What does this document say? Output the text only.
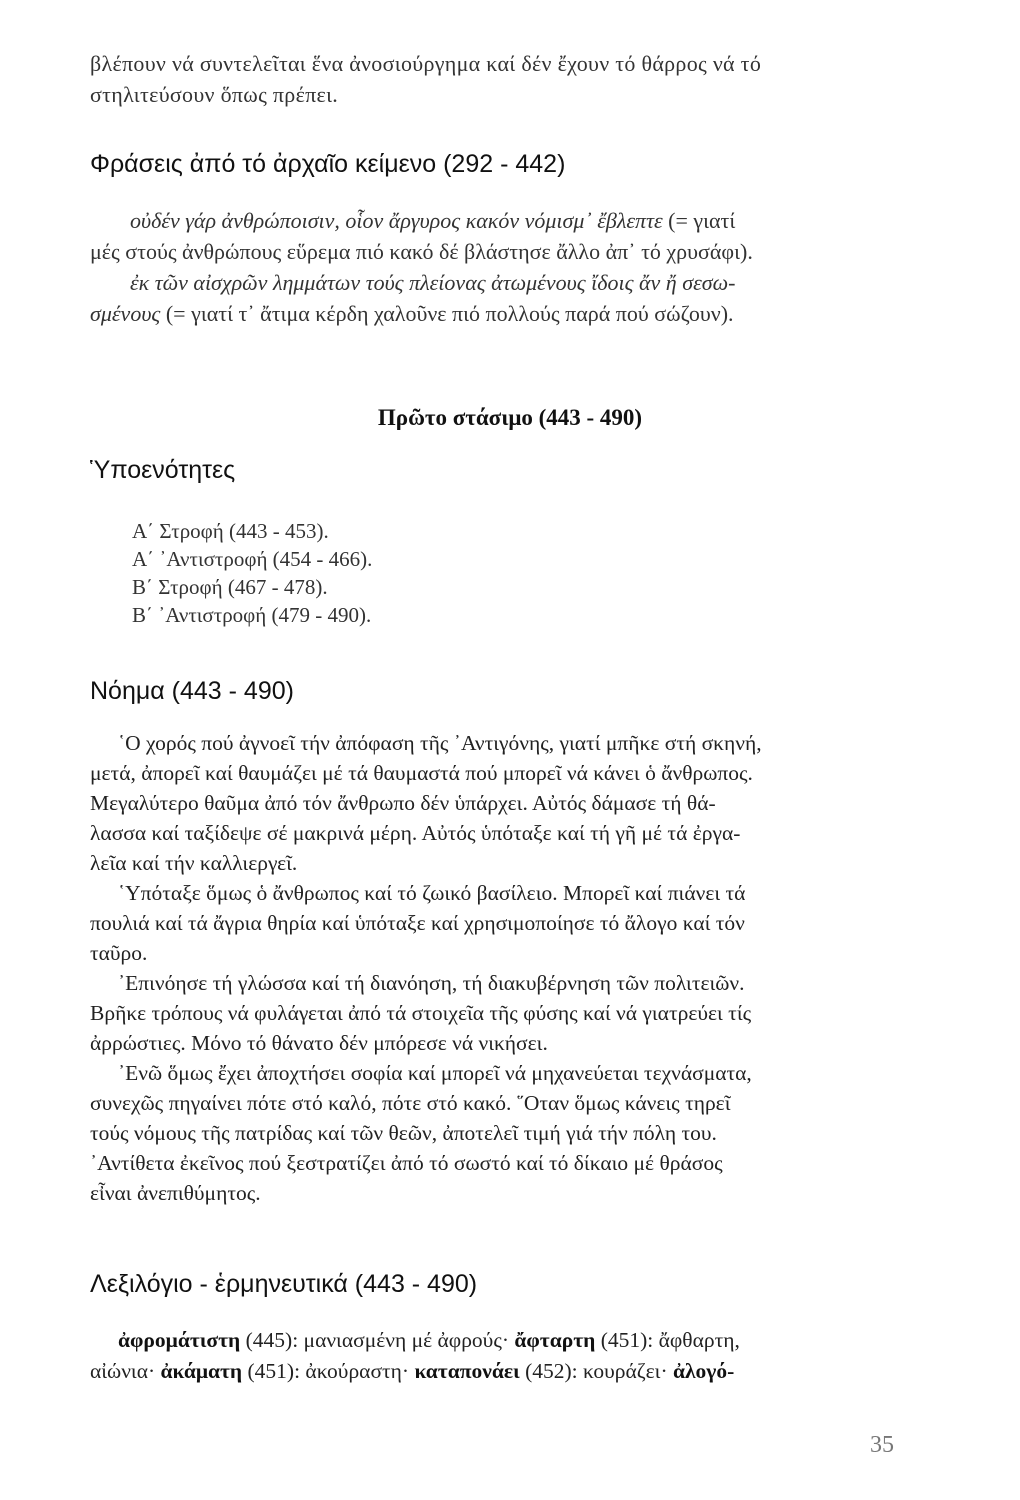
βλέπουν νά συντελεῖται ἕνα ἀνοσιούργημα καί δέν ἔχουν τό θάρρος νά τό

στηλιτεύσουν ὅπως πρέπει.

Φράσεις ἀπό τό ἀρχαῖο κείμενο (292 - 442)

οὐδέν γάρ ἀνθρώποισιν, οἷον ἄργυρος κακόν νόμισμ᾽ ἔβλεπτε (= γιατί

μές στούς ἀνθρώπους εὕρεμα πιό κακό δέ βλάστησε ἄλλο ἀπ᾽ τό χρυσάφι).

ἐκ τῶν αἰσχρῶν λημμάτων τούς πλείονας ἀτωμένους ἴδοις ἄν ἤ σεσω-

σμένους (= γιατί τ᾽ ἄτιμα κέρδη χαλοῦνε πιό πολλούς παρά πού σώζουν).

Πρῶτο στάσιμο (443 - 490)
Ὑποενότητες

Α΄ Στροφή (443 - 453).

Α΄ ᾿Αντιστροφή (454 - 466).

Β΄ Στροφή (467 - 478).

Β΄ ᾿Αντιστροφή (479 - 490).

Νόημα (443 - 490)

῾Ο χορός πού ἀγνοεῖ τήν ἀπόφαση τῆς ᾿Αντιγόνης, γιατί μπῆκε στή σκηνή,

μετά, ἀπορεῖ καί θαυμάζει μέ τά θαυμαστά πού μπορεῖ νά κάνει ὁ ἄνθρωπος.

Μεγαλύτερο θαῦμα ἀπό τόν ἄνθρωπο δέν ὑπάρχει. Αὐτός δάμασε τή θά-

λασσα καί ταξίδεψε σέ μακρινά μέρη. Αὐτός ὑπόταξε καί τή γῆ μέ τά ἐργα-

λεῖα καί τήν καλλιεργεῖ.

῾Υπόταξε ὅμως ὁ ἄνθρωπος καί τό ζωικό βασίλειο. Μπορεῖ καί πιάνει τά

πουλιά καί τά ἄγρια θηρία καί ὑπόταξε καί χρησιμοποίησε τό ἄλογο καί τόν

ταῦρο.

᾿Επινόησε τή γλώσσα καί τή διανόηση, τή διακυβέρνηση τῶν πολιτειῶν.

Βρῆκε τρόπους νά φυλάγεται ἀπό τά στοιχεῖα τῆς φύσης καί νά γιατρεύει τίς

ἀρρώστιες. Μόνο τό θάνατο δέν μπόρεσε νά νικήσει.

᾿Ενῶ ὅμως ἔχει ἀποχτήσει σοφία καί μπορεῖ νά μηχανεύεται τεχνάσματα,

συνεχῶς πηγαίνει πότε στό καλό, πότε στό κακό. ῞Οταν ὅμως κάνεις τηρεῖ

τούς νόμους τῆς πατρίδας καί τῶν θεῶν, ἀποτελεῖ τιμή γιά τήν πόλη του.

᾿Αντίθετα ἐκεῖνος πού ξεστρατίζει ἀπό τό σωστό καί τό δίκαιο μέ θράσος

εἶναι ἀνεπιθύμητος.

Λεξιλόγιο - ἑρμηνευτικά (443 - 490)

ἀφρομάτιστη (445): μανιασμένη μέ ἀφρούς· ἄφταρτη (451): ἄφθαρτη,

αἰώνια· ἀκάματη (451): ἀκούραστη· καταπονάει (452): κουράζει· ἀλογό-

35
